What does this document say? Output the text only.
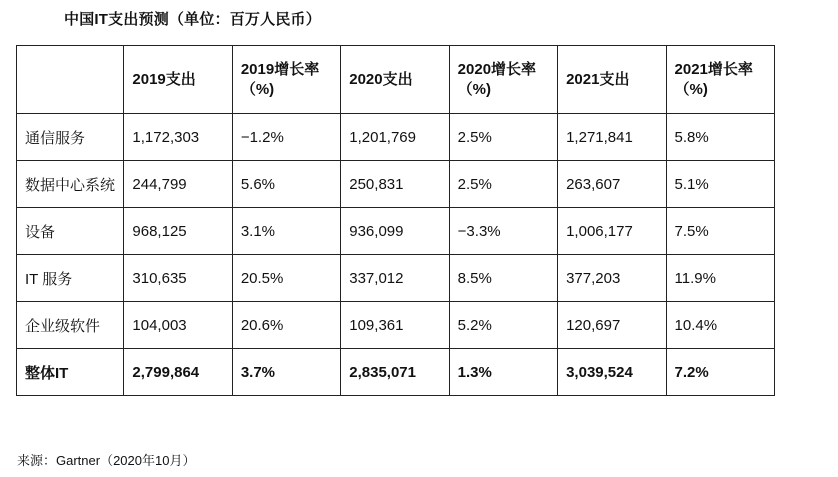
中国IT支出预测（单位：百万人民币）
	2019支出	2019增长率（%)	2020支出	2020增长率（%)	2021支出	2021增长率（%)
通信服务	1,172,303	−1.2%	1,201,769	2.5%	1,271,841	5.8%
数据中心系统	244,799	5.6%	250,831	2.5%	263,607	5.1%
设备	968,125	3.1%	936,099	−3.3%	1,006,177	7.5%
IT 服务	310,635	20.5%	337,012	8.5%	377,203	11.9%
企业级软件	104,003	20.6%	109,361	5.2%	120,697	10.4%
整体IT	2,799,864	3.7%	2,835,071	1.3%	3,039,524	7.2%
来源：Gartner（2020年10月）
